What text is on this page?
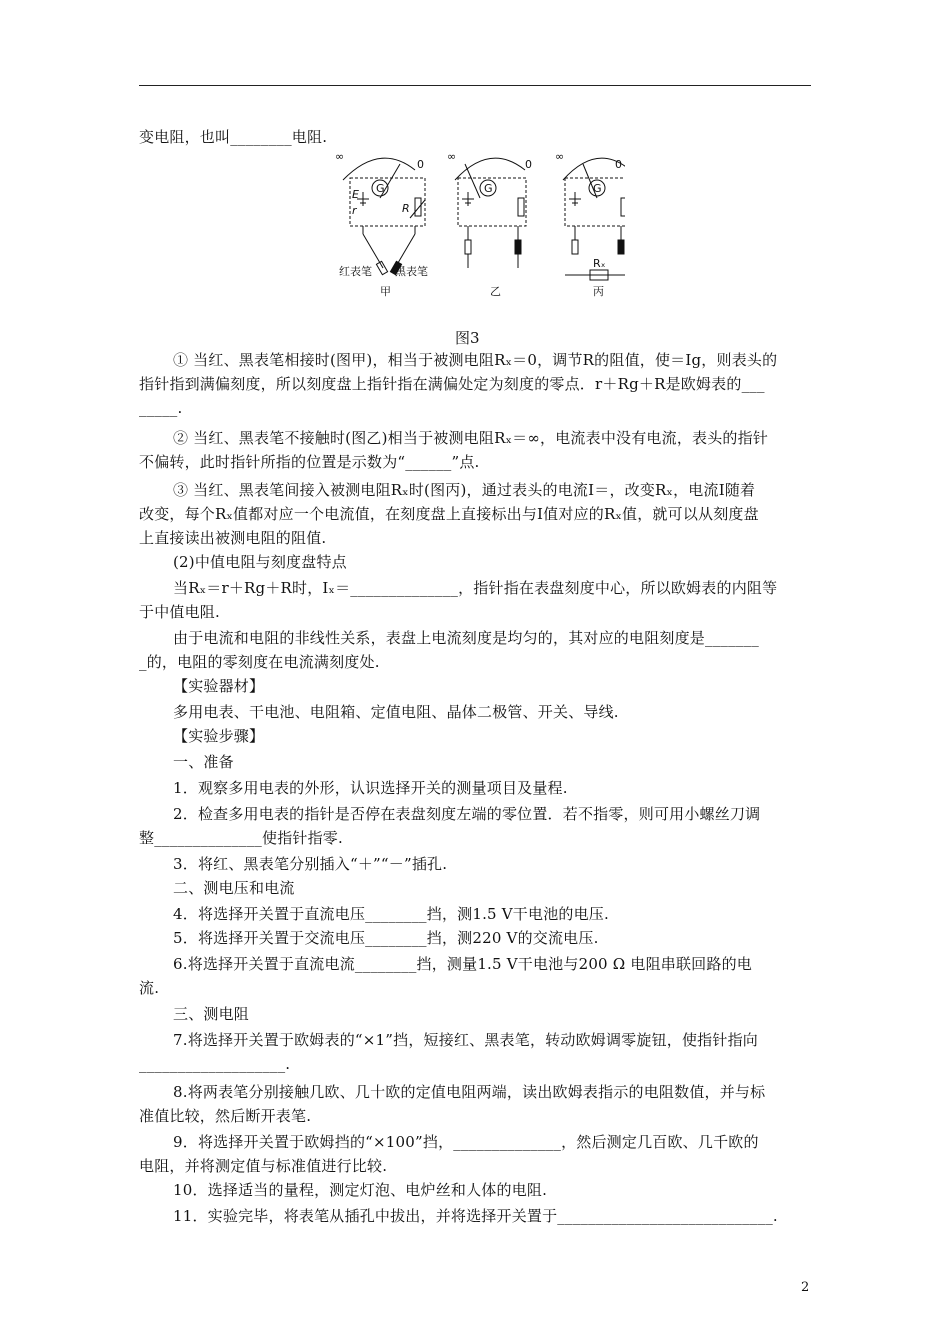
变电阻，也叫________电阻.
① 当红、黑表笔相接时(图甲)，相当于被测电阻Rₓ＝0，调节R的阻值，使＝Ig，则表头的
指针指到满偏刻度，所以刻度盘上指针指在满偏处定为刻度的零点．r＋Rg＋R是欧姆表的___
_____.
② 当红、黑表笔不接触时(图乙)相当于被测电阻Rₓ＝∞，电流表中没有电流，表头的指针
不偏转，此时指针所指的位置是示数为“______”点.
③ 当红、黑表笔间接入被测电阻Rₓ时(图丙)，通过表头的电流Ⅰ＝，改变Rₓ，电流Ⅰ随着
改变，每个Rₓ值都对应一个电流值，在刻度盘上直接标出与Ⅰ值对应的Rₓ值，就可以从刻度盘
上直接读出被测电阻的阻值.
(2)中值电阻与刻度盘特点
当Rₓ＝r＋Rg＋R时，Iₓ＝______________，指针指在表盘刻度中心，所以欧姆表的内阻等
于中值电阻.
由于电流和电阻的非线性关系，表盘上电流刻度是均匀的，其对应的电阻刻度是_______
_的，电阻的零刻度在电流满刻度处.
【实验器材】
多用电表、干电池、电阻箱、定值电阻、晶体二极管、开关、导线.
【实验步骤】
一、准备
1．观察多用电表的外形，认识选择开关的测量项目及量程.
2．检查多用电表的指针是否停在表盘刻度左端的零位置．若不指零，则可用小螺丝刀调
整______________使指针指零.
3．将红、黑表笔分别插入“＋”“－”插孔.
二、测电压和电流
4．将选择开关置于直流电压________挡，测1.5 V干电池的电压.
5．将选择开关置于交流电压________挡，测220 V的交流电压.
6.将选择开关置于直流电流________挡，测量1.5 V干电池与200 Ω 电阻串联回路的电
流.
三、测电阻
7.将选择开关置于欧姆表的“×1”挡，短接红、黑表笔，转动欧姆调零旋钮，使指针指向
___________________.
8.将两表笔分别接触几欧、几十欧的定值电阻两端，读出欧姆表指示的电阻数值，并与标
准值比较，然后断开表笔.
9．将选择开关置于欧姆挡的“×100”挡，______________，然后测定几百欧、几千欧的
电阻，并将测定值与标准值进行比较.
10．选择适当的量程，测定灯泡、电炉丝和人体的电阻.
11．实验完毕，将表笔从插孔中拔出，并将选择开关置于____________________________.
∞
0
G
E
r	R
红表笔 黑表笔
甲
∞
0
G
乙
∞
0
G
Rₓ
丙
图3
2
